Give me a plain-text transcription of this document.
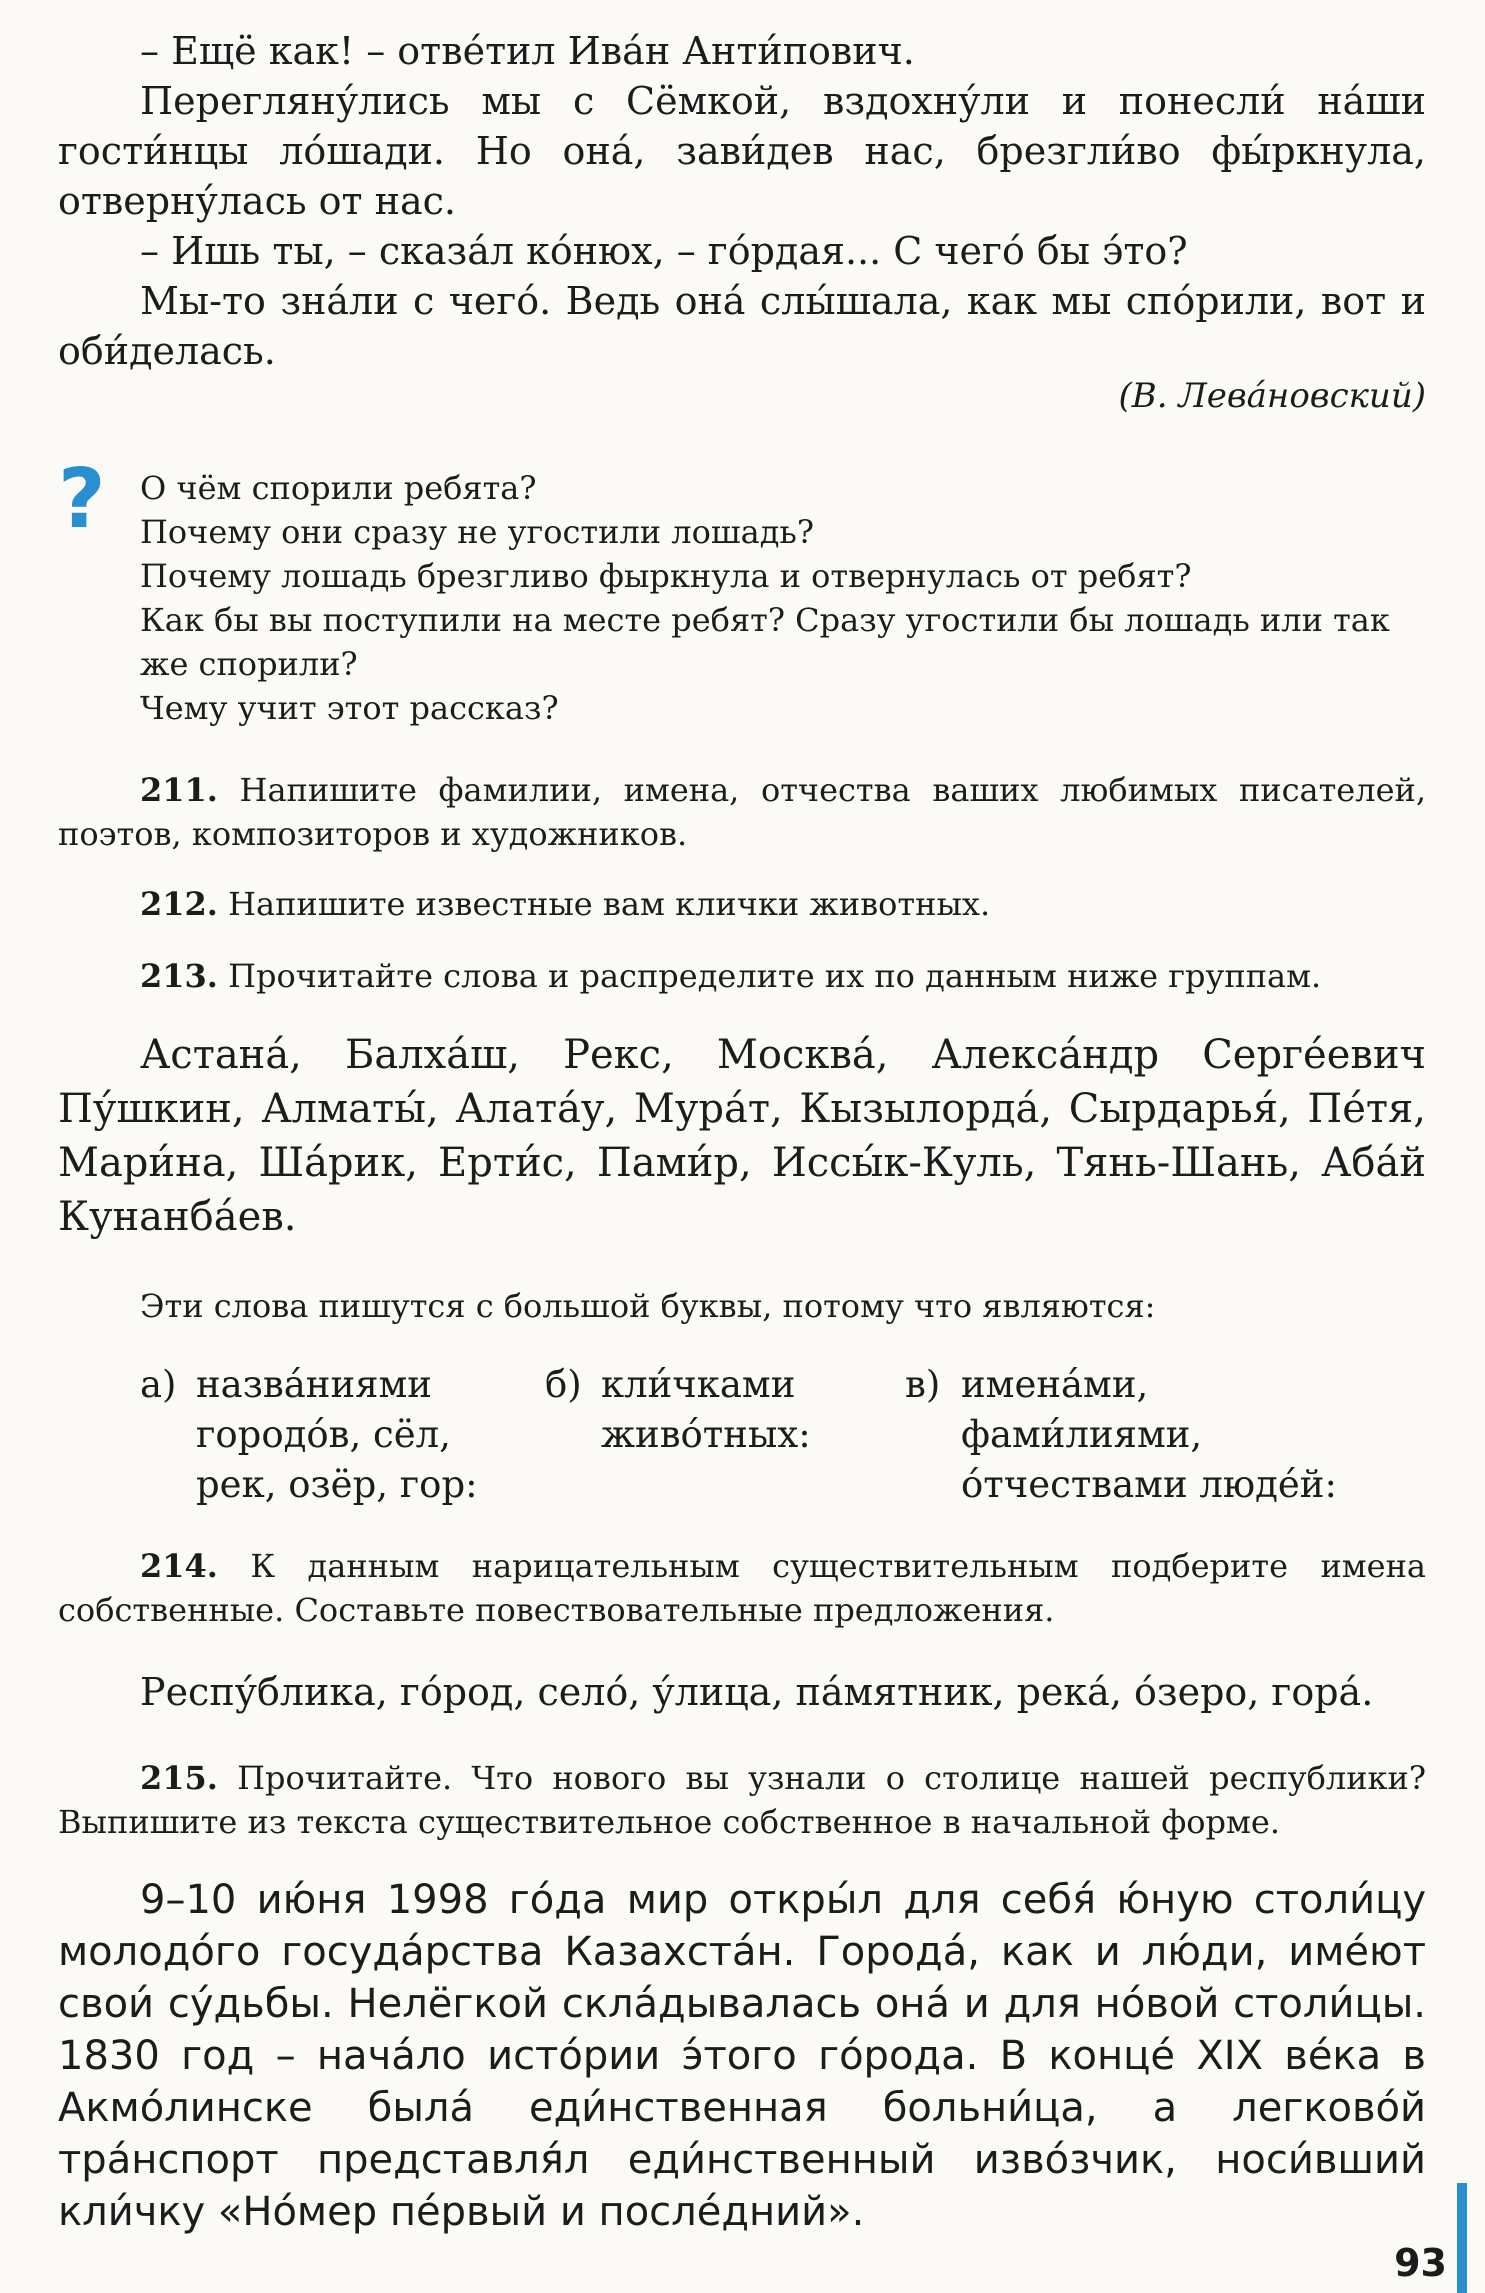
– Ещё как! – отве́тил Ива́н Анти́пович.

Перегляну́лись мы с Сёмкой, вздохну́ли и понесли́ на́ши гости́нцы ло́шади. Но она́, зави́дев нас, брезгли́во фы́ркнула, отверну́лась от нас.

– Ишь ты, – сказа́л ко́нюх, – го́рдая... С чего́ бы э́то?

Мы-то зна́ли с чего́. Ведь она́ слы́шала, как мы спо́рили, вот и оби́делась.

(В. Лева́новский)
?	О чём спорили ребята?

Почему они сразу не угостили лошадь?

Почему лошадь брезгливо фыркнула и отвернулась от ребят?

Как бы вы поступили на месте ребят? Сразу угостили бы лошадь или так же спорили?

Чему учит этот рассказ?

211. Напишите фамилии, имена, отчества ваших любимых писателей, поэтов, композиторов и художников.

212. Напишите известные вам клички животных.

213. Прочитайте слова и распределите их по данным ниже группам.

Астана́, Балха́ш, Рекс, Москва́, Алекса́ндр Серге́евич Пу́шкин, Алматы́, Алата́у, Мура́т, Кызылорда́, Сырдарья́, Пе́тя, Мари́на, Ша́рик, Ерти́с, Пами́р, Иссы́к-Куль, Тянь-Шань, Аба́й Кунанба́ев.

Эти слова пишутся с большой буквы, потому что являются:

а) назва́ниями
городо́в, сёл,
рек, озёр, гор:
б) кли́чками
живо́тных:
в) имена́ми,
фами́лиями,
о́тчествами люде́й:

214. К данным нарицательным существительным подберите имена собственные. Составьте повествовательные предложения.

Респу́блика, го́род, село́, у́лица, па́мятник, река́, о́зеро, гора́.

215. Прочитайте. Что нового вы узнали о столице нашей республики? Выпишите из текста существительное собственное в начальной форме.

9–10 ию́ня 1998 го́да мир откры́л для себя́ ю́ную столи́цу молодо́го госуда́рства Казахста́н. Города́, как и лю́ди, име́ют свои́ су́дьбы. Нелёгкой скла́дывалась она́ и для но́вой столи́цы. 1830 год – нача́ло исто́рии э́того го́рода. В конце́ XIX ве́ка в Акмо́линске была́ еди́нственная больни́ца, а легково́й тра́нспорт представля́л еди́нственный изво́зчик, носи́вший кли́чку «Но́мер пе́рвый и после́дний».

93
